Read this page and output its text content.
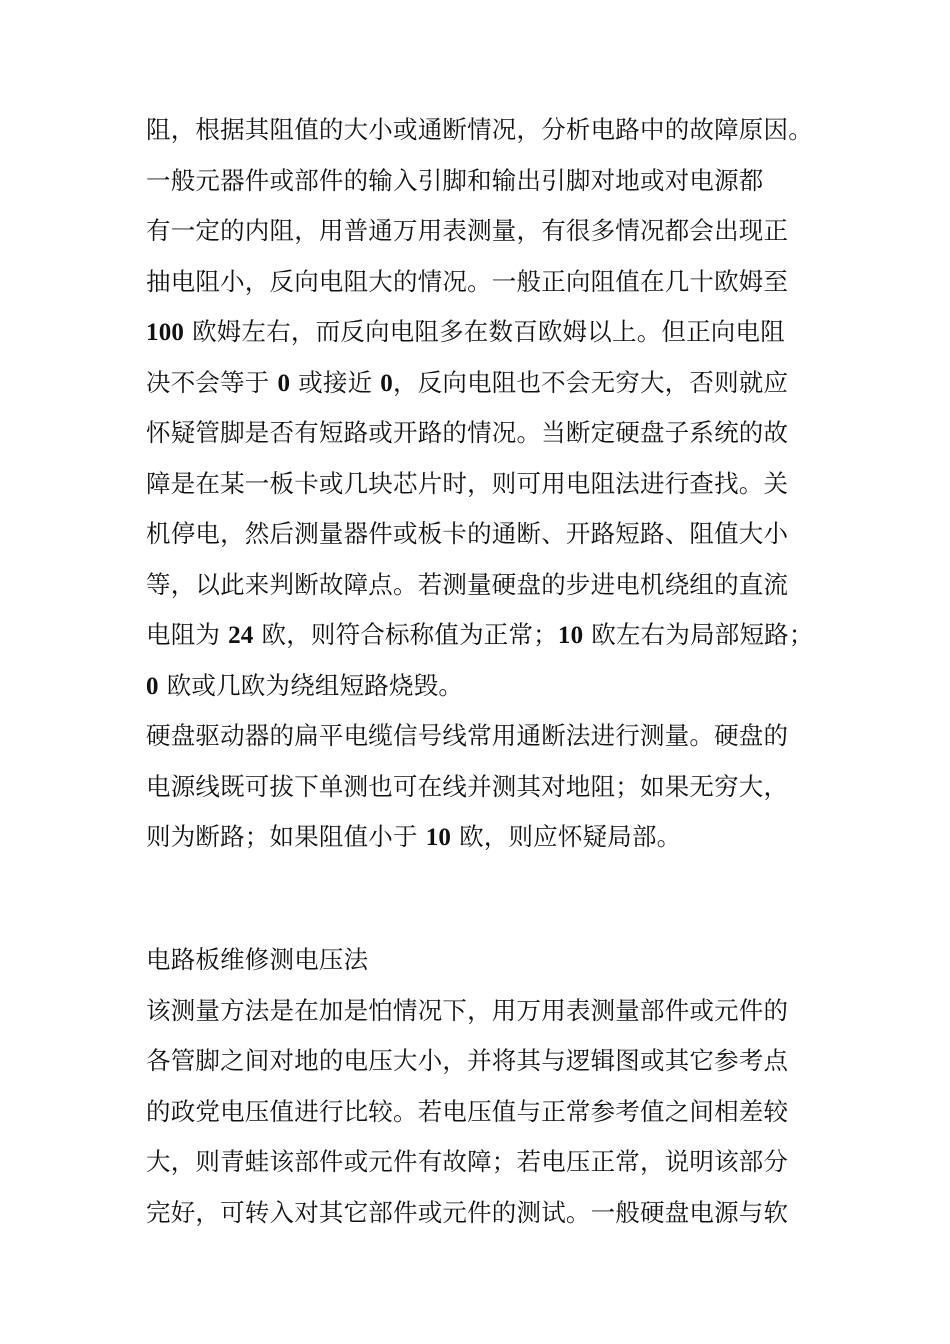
阻，根据其阻值的大小或通断情况，分析电路中的故障原因。
一般元器件或部件的输入引脚和输出引脚对地或对电源都
有一定的内阻，用普通万用表测量，有很多情况都会出现正
抽电阻小，反向电阻大的情况。一般正向阻值在几十欧姆至
100 欧姆左右，而反向电阻多在数百欧姆以上。但正向电阻
决不会等于 0 或接近 0，反向电阻也不会无穷大，否则就应
怀疑管脚是否有短路或开路的情况。当断定硬盘子系统的故
障是在某一板卡或几块芯片时，则可用电阻法进行查找。关
机停电，然后测量器件或板卡的通断、开路短路、阻值大小
等，以此来判断故障点。若测量硬盘的步进电机绕组的直流
电阻为 24 欧，则符合标称值为正常；10 欧左右为局部短路；
0 欧或几欧为绕组短路烧毁。
硬盘驱动器的扁平电缆信号线常用通断法进行测量。硬盘的
电源线既可拔下单测也可在线并测其对地阻；如果无穷大，
则为断路；如果阻值小于 10 欧，则应怀疑局部。
电路板维修测电压法
该测量方法是在加是怕情况下，用万用表测量部件或元件的
各管脚之间对地的电压大小，并将其与逻辑图或其它参考点
的政党电压值进行比较。若电压值与正常参考值之间相差较
大，则青蛙该部件或元件有故障；若电压正常，说明该部分
完好，可转入对其它部件或元件的测试。一般硬盘电源与软
